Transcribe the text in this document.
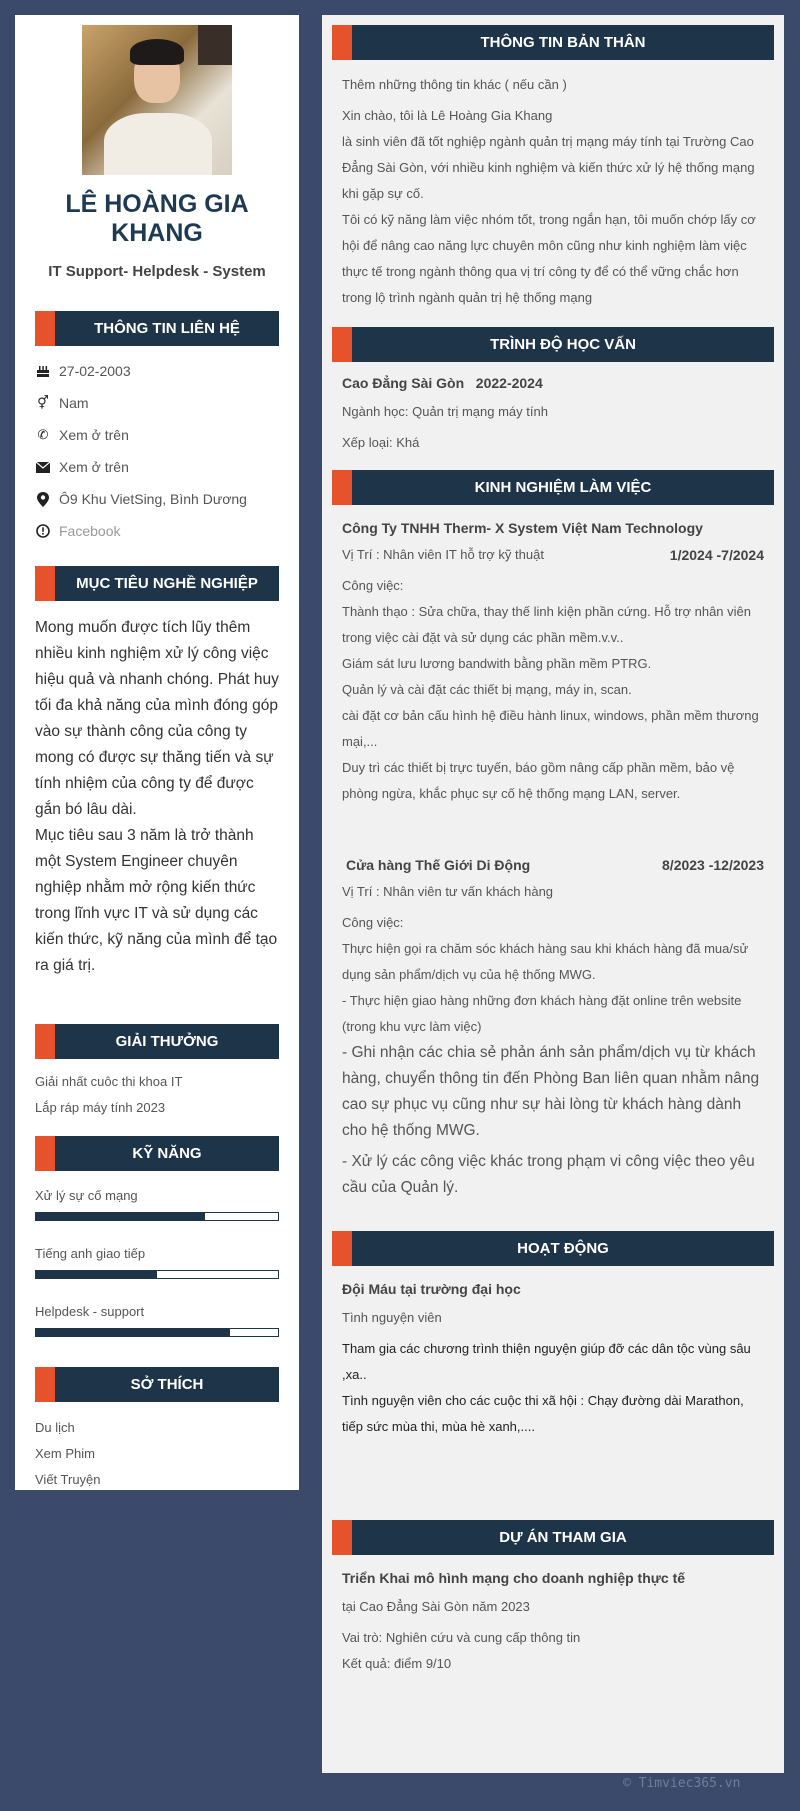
LÊ HOÀNG GIA KHANG
IT Support- Helpdesk - System
THÔNG TIN LIÊN HỆ
27-02-2003
⚥ Nam
✆ Xem ở trên
Xem ở trên
Ô9 Khu VietSing, Bình Dương
Facebook
MỤC TIÊU NGHỀ NGHIỆP
Mong muốn được tích lũy thêm nhiều kinh nghiệm xử lý công việc hiệu quả và nhanh chóng. Phát huy tối đa khả năng của mình đóng góp vào sự thành công của công ty mong có được sự thăng tiến và sự tính nhiệm của công ty để được gắn bó lâu dài.
Mục tiêu sau 3 năm là trở thành một System Engineer chuyên nghiệp nhằm mở rộng kiến thức trong lĩnh vực IT và sử dụng các kiến thức, kỹ năng của mình để tạo ra giá trị.
GIẢI THƯỞNG
Giải nhất cuôc thi khoa IT
Lắp ráp máy tính 2023
KỸ NĂNG
Xử lý sự cố mạng
Tiếng anh giao tiếp
Helpdesk - support
SỞ THÍCH
Du lịch
Xem Phim
Viết Truyện
THÔNG TIN BẢN THÂN
Thêm những thông tin khác ( nếu cần )
Xin chào, tôi là Lê Hoàng Gia Khang
là sinh viên đã tốt nghiệp ngành quản trị mạng máy tính tại Trường Cao Đẳng Sài Gòn, với nhiều kinh nghiệm và kiến thức xử lý hệ thống mạng khi gặp sự cố.
Tôi có kỹ năng làm việc nhóm tốt, trong ngắn hạn, tôi muốn chớp lấy cơ hội để nâng cao năng lực chuyên môn cũng như kinh nghiệm làm việc thực tế trong ngành thông qua vị trí công ty để có thể vững chắc hơn trong lộ trình ngành quản trị hệ thống mạng
TRÌNH ĐỘ HỌC VẤN
Cao Đẳng Sài Gòn 2022-2024
Ngành học: Quản trị mạng máy tính
Xếp loại: Khá
KINH NGHIỆM LÀM VIỆC
Công Ty TNHH Therm- X System Việt Nam Technology
Vị Trí : Nhân viên IT hỗ trợ kỹ thuật	1/2024 -7/2024
Công việc:
Thành thạo : Sửa chữa, thay thế linh kiện phần cứng. Hỗ trợ nhân viên trong việc cài đặt và sử dụng các phần mềm.v.v..
Giám sát lưu lương bandwith bằng phần mềm PTRG.
Quản lý và cài đặt các thiết bị mạng, máy in, scan.
cài đặt cơ bản cấu hình hệ điều hành linux, windows, phần mềm thương mại,...
Duy trì các thiết bị trực tuyến, báo gồm nâng cấp phần mềm, bảo vệ phòng ngừa, khắc phục sự cố hệ thống mạng LAN, server.
Cửa hàng Thế Giới Di Động	8/2023 -12/2023
Vị Trí : Nhân viên tư vấn khách hàng
Công việc:
Thực hiện gọi ra chăm sóc khách hàng sau khi khách hàng đã mua/sử dụng sản phẩm/dịch vụ của hệ thống MWG.
- Thực hiện giao hàng những đơn khách hàng đặt online trên website (trong khu vực làm việc)
- Ghi nhận các chia sẻ phản ánh sản phẩm/dịch vụ từ khách hàng, chuyển thông tin đến Phòng Ban liên quan nhằm nâng cao sự phục vụ cũng như sự hài lòng từ khách hàng dành cho hệ thống MWG.
- Xử lý các công việc khác trong phạm vi công việc theo yêu cầu của Quản lý.
HOẠT ĐỘNG
Đội Máu tại trường đại học
Tình nguyện viên
Tham gia các chương trình thiện nguyện giúp đỡ các dân tộc vùng sâu ,xa..
Tình nguyện viên cho các cuộc thi xã hội : Chạy đường dài Marathon, tiếp sức mùa thi, mùa hè xanh,....
DỰ ÁN THAM GIA
Triển Khai mô hình mạng cho doanh nghiệp thực tế
tại Cao Đẳng Sài Gòn năm 2023
Vai trò: Nghiên cứu và cung cấp thông tin
Kết quả: điểm 9/10
© Timviec365.vn
